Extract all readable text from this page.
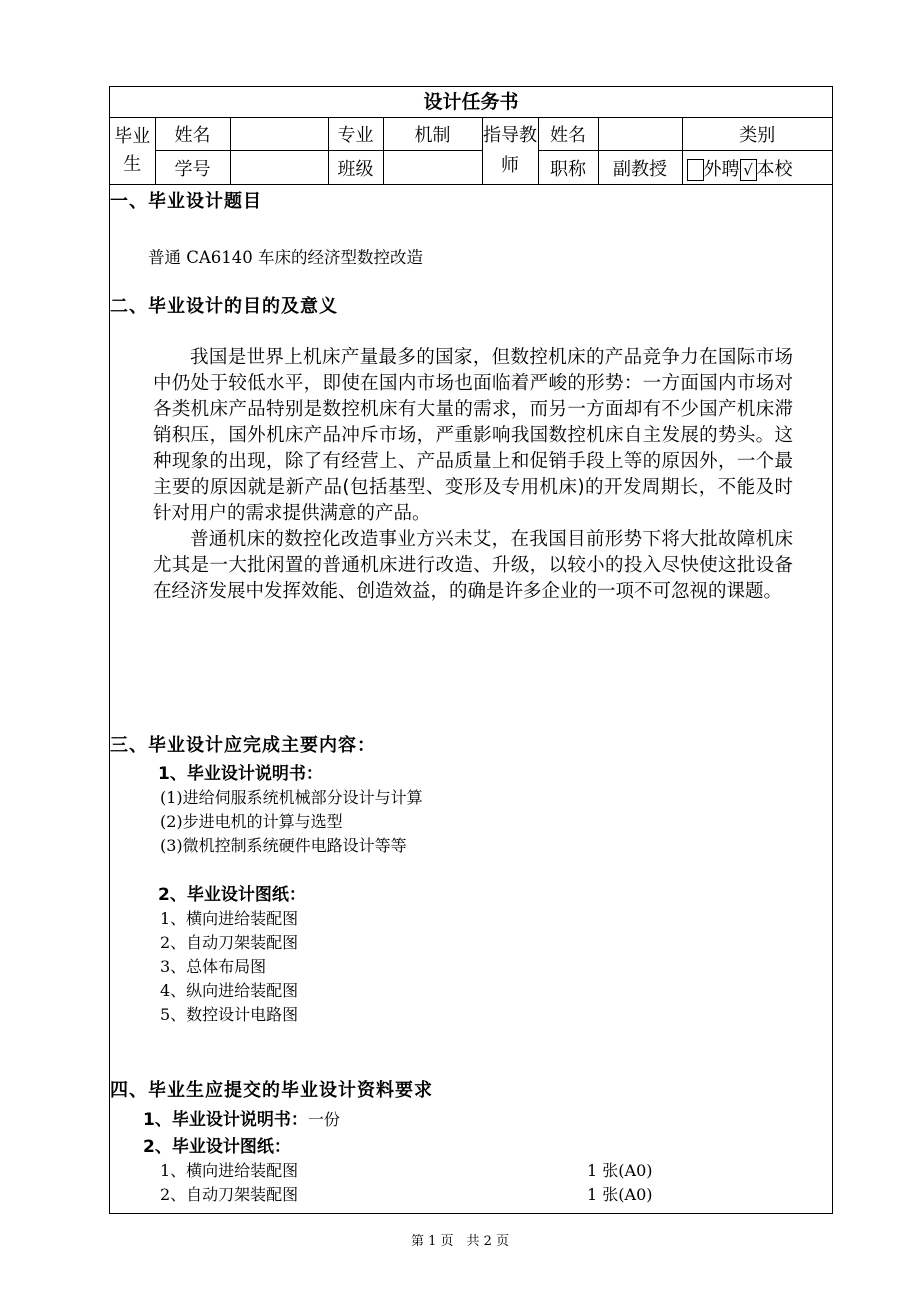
设计任务书
毕业生	姓名		专业	机制	指导教师	姓名		类别
	学号		班级			职称	副教授	外聘 √ 本校
一、毕业设计题目
普通 CA6140 车床的经济型数控改造
二、毕业设计的目的及意义

我国是世界上机床产量最多的国家，但数控机床的产品竞争力在国际市场中仍处于较低水平，即使在国内市场也面临着严峻的形势：一方面国内市场对各类机床产品特别是数控机床有大量的需求，而另一方面却有不少国产机床滞销积压，国外机床产品冲斥市场，严重影响我国数控机床自主发展的势头。这种现象的出现，除了有经营上、产品质量上和促销手段上等的原因外，一个最主要的原因就是新产品(包括基型、变形及专用机床)的开发周期长，不能及时针对用户的需求提供满意的产品。

普通机床的数控化改造事业方兴未艾，在我国目前形势下将大批故障机床尤其是一大批闲置的普通机床进行改造、升级，以较小的投入尽快使这批设备在经济发展中发挥效能、创造效益，的确是许多企业的一项不可忽视的课题。

三、毕业设计应完成主要内容：
1、毕业设计说明书：
(1)进给伺服系统机械部分设计与计算
(2)步进电机的计算与选型
(3)微机控制系统硬件电路设计等等
2、毕业设计图纸：
1、横向进给装配图
2、自动刀架装配图
3、总体布局图
4、纵向进给装配图
5、数控设计电路图
四、毕业生应提交的毕业设计资料要求
1、毕业设计说明书：一份
2、毕业设计图纸：
1、横向进给装配图	1 张(A0)
2、自动刀架装配图	1 张(A0)
第 1 页　共 2 页
